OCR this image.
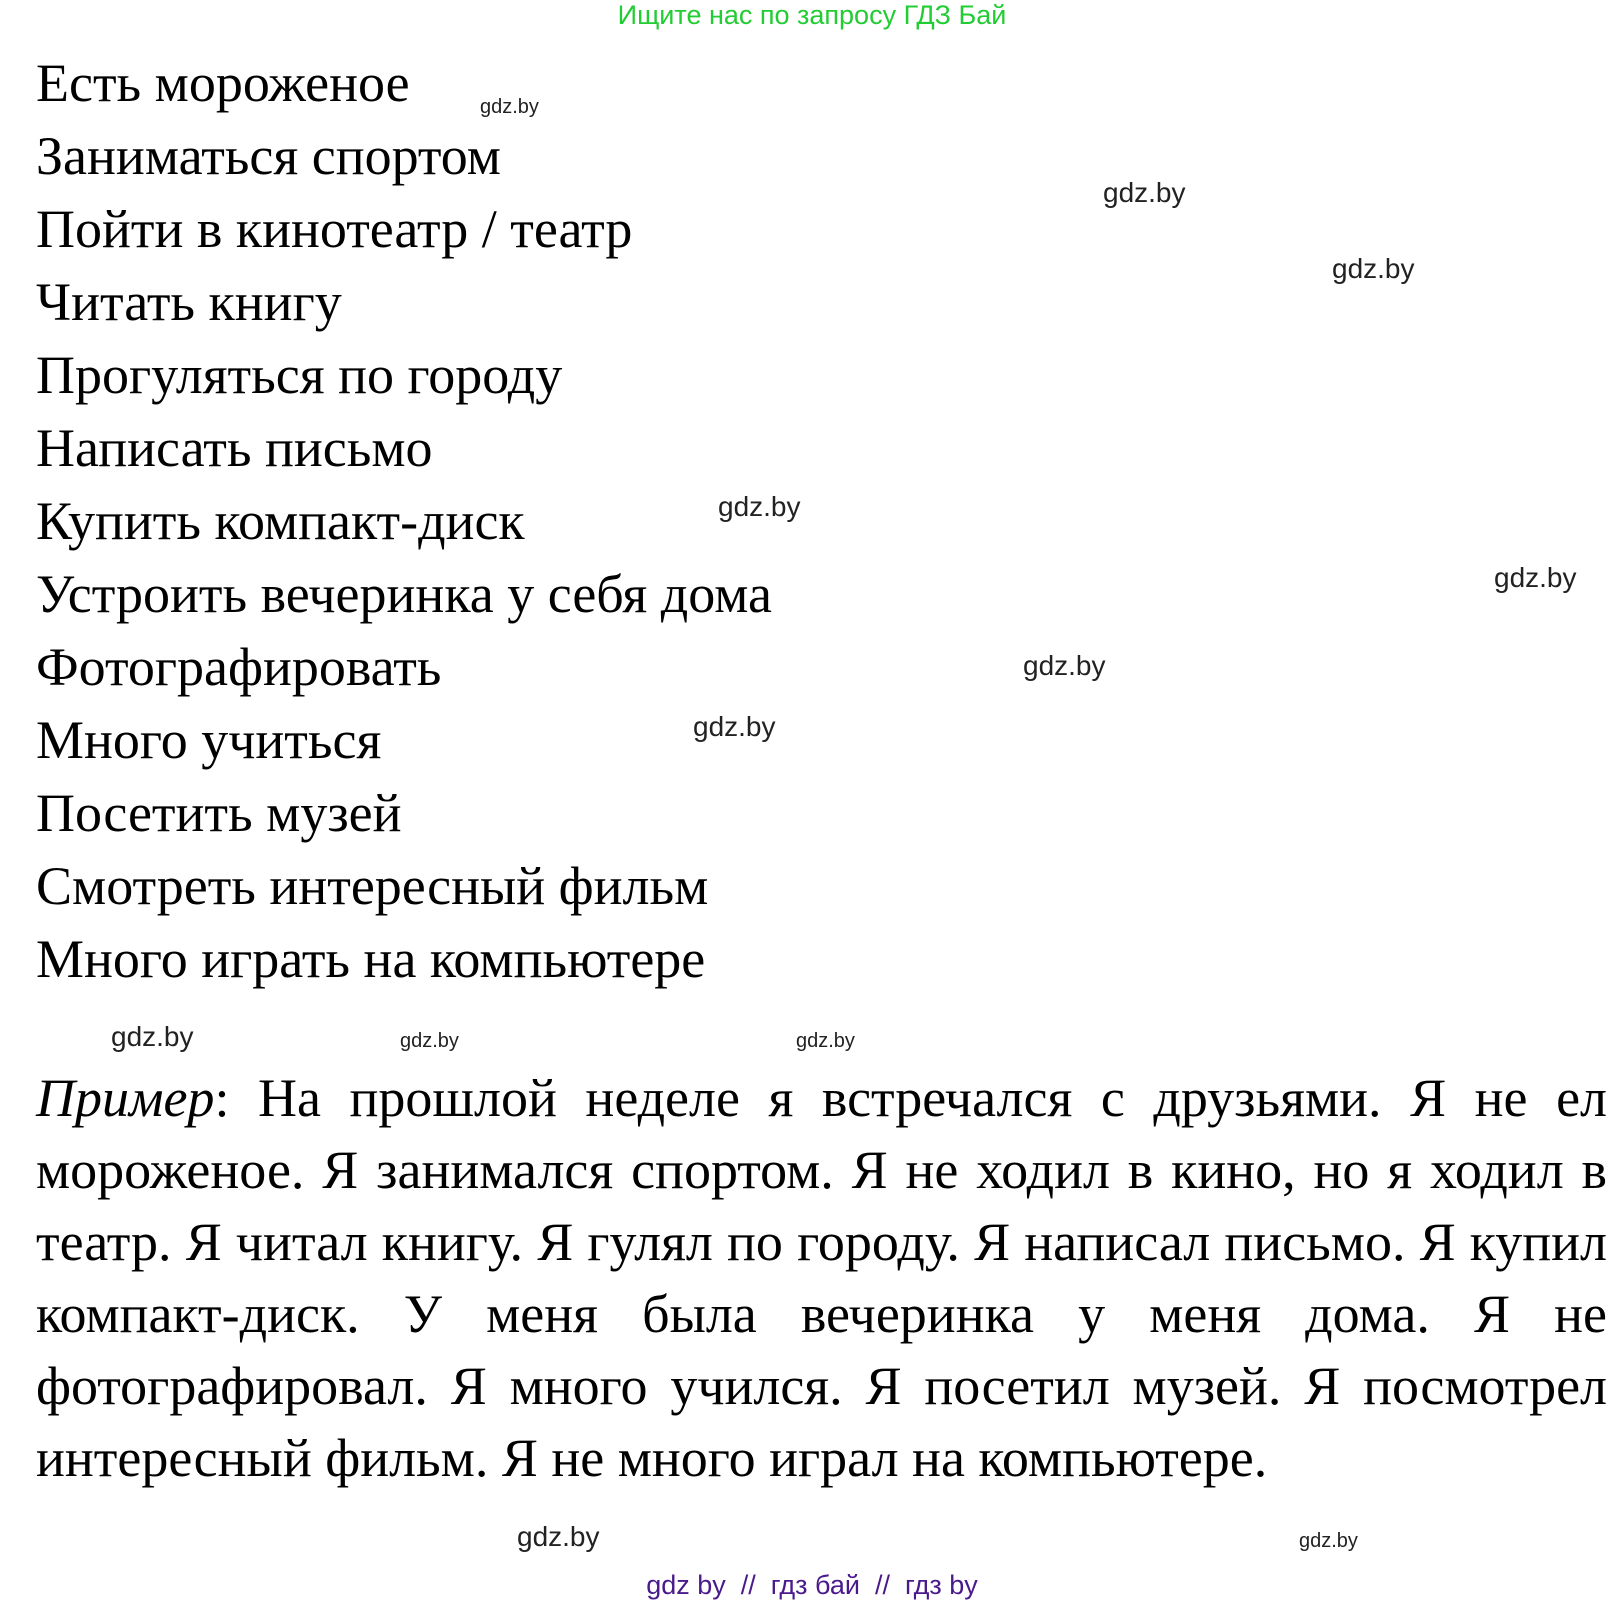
Ищите нас по запросу ГДЗ Бай
Есть мороженое
Заниматься спортом
Пойти в кинотеатр / театр
Читать книгу
Прогуляться по городу
Написать письмо
Купить компакт-диск
Устроить вечеринка у себя дома
Фотографировать
Много учиться
Посетить музей
Смотреть интересный фильм
Много играть на компьютере

Пример: На прошлой неделе я встречался с друзьями. Я не ел мороженое. Я занимался спортом. Я не ходил в кино, но я ходил в театр. Я читал книгу. Я гулял по городу. Я написал письмо. Я купил компакт-диск. У меня была вечеринка у меня дома. Я не фотографировал. Я много учился. Я посетил музей. Я посмотрел интересный фильм. Я не много играл на компьютере.

gdz.by
gdz.by
gdz.by
gdz.by
gdz.by
gdz.by
gdz.by
gdz.by	gdz.by
gdz.by
gdz.by
gdz.by
gdz by  //  гдз бай  //  гдз by
